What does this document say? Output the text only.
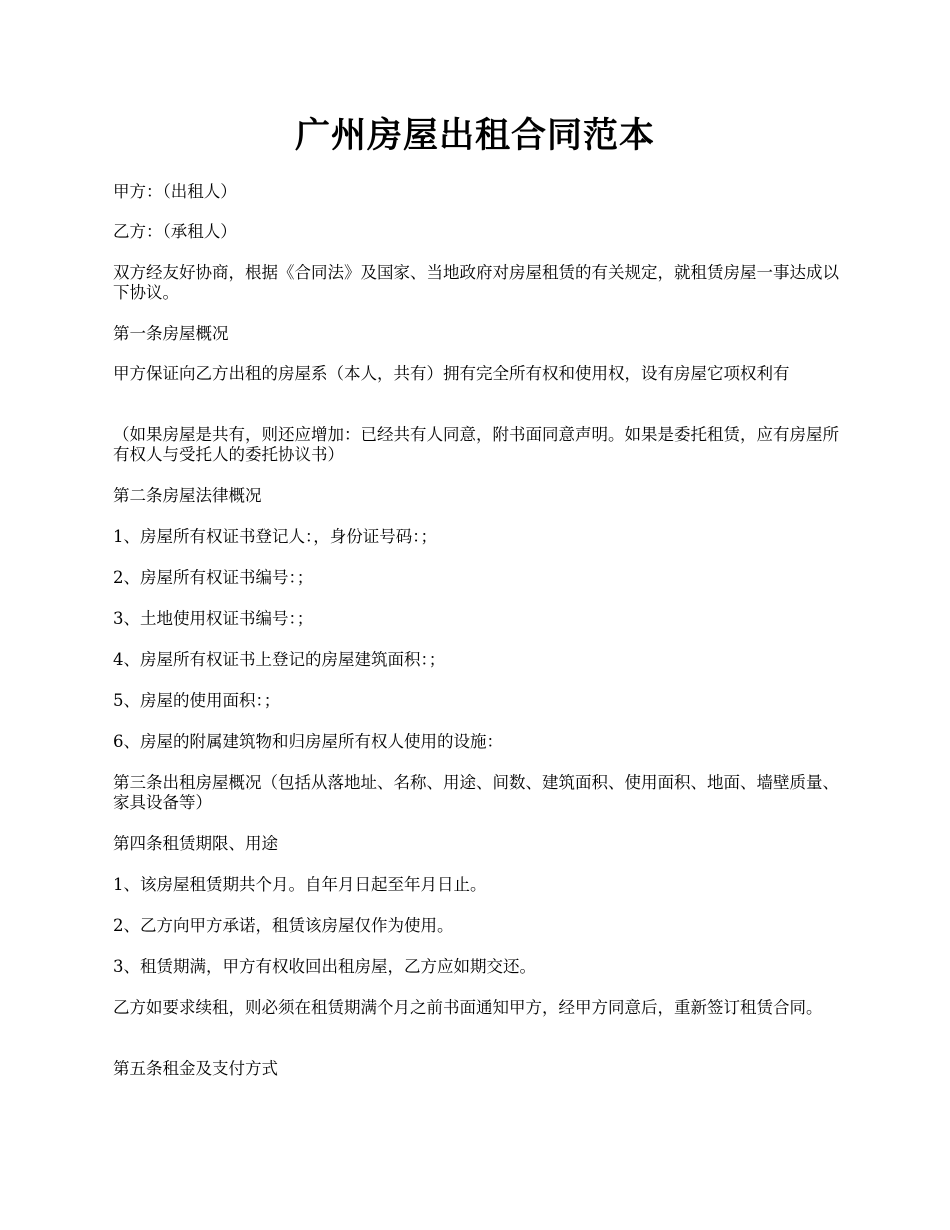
广州房屋出租合同范本

甲方：（出租人）

乙方：（承租人）

双方经友好协商，根据《合同法》及国家、当地政府对房屋租赁的有关规定，就租赁房屋一事达成以下协议。

第一条房屋概况

甲方保证向乙方出租的房屋系（本人，共有）拥有完全所有权和使用权，设有房屋它项权利有

（如果房屋是共有，则还应增加：已经共有人同意，附书面同意声明。如果是委托租赁，应有房屋所有权人与受托人的委托协议书）

第二条房屋法律概况

1、房屋所有权证书登记人：，身份证号码：；

2、房屋所有权证书编号：；

3、土地使用权证书编号：；

4、房屋所有权证书上登记的房屋建筑面积：；

5、房屋的使用面积：；

6、房屋的附属建筑物和归房屋所有权人使用的设施：

第三条出租房屋概况（包括从落地址、名称、用途、间数、建筑面积、使用面积、地面、墙壁质量、家具设备等）

第四条租赁期限、用途

1、该房屋租赁期共个月。自年月日起至年月日止。

2、乙方向甲方承诺，租赁该房屋仅作为使用。

3、租赁期满，甲方有权收回出租房屋，乙方应如期交还。

乙方如要求续租，则必须在租赁期满个月之前书面通知甲方，经甲方同意后，重新签订租赁合同。

第五条租金及支付方式
